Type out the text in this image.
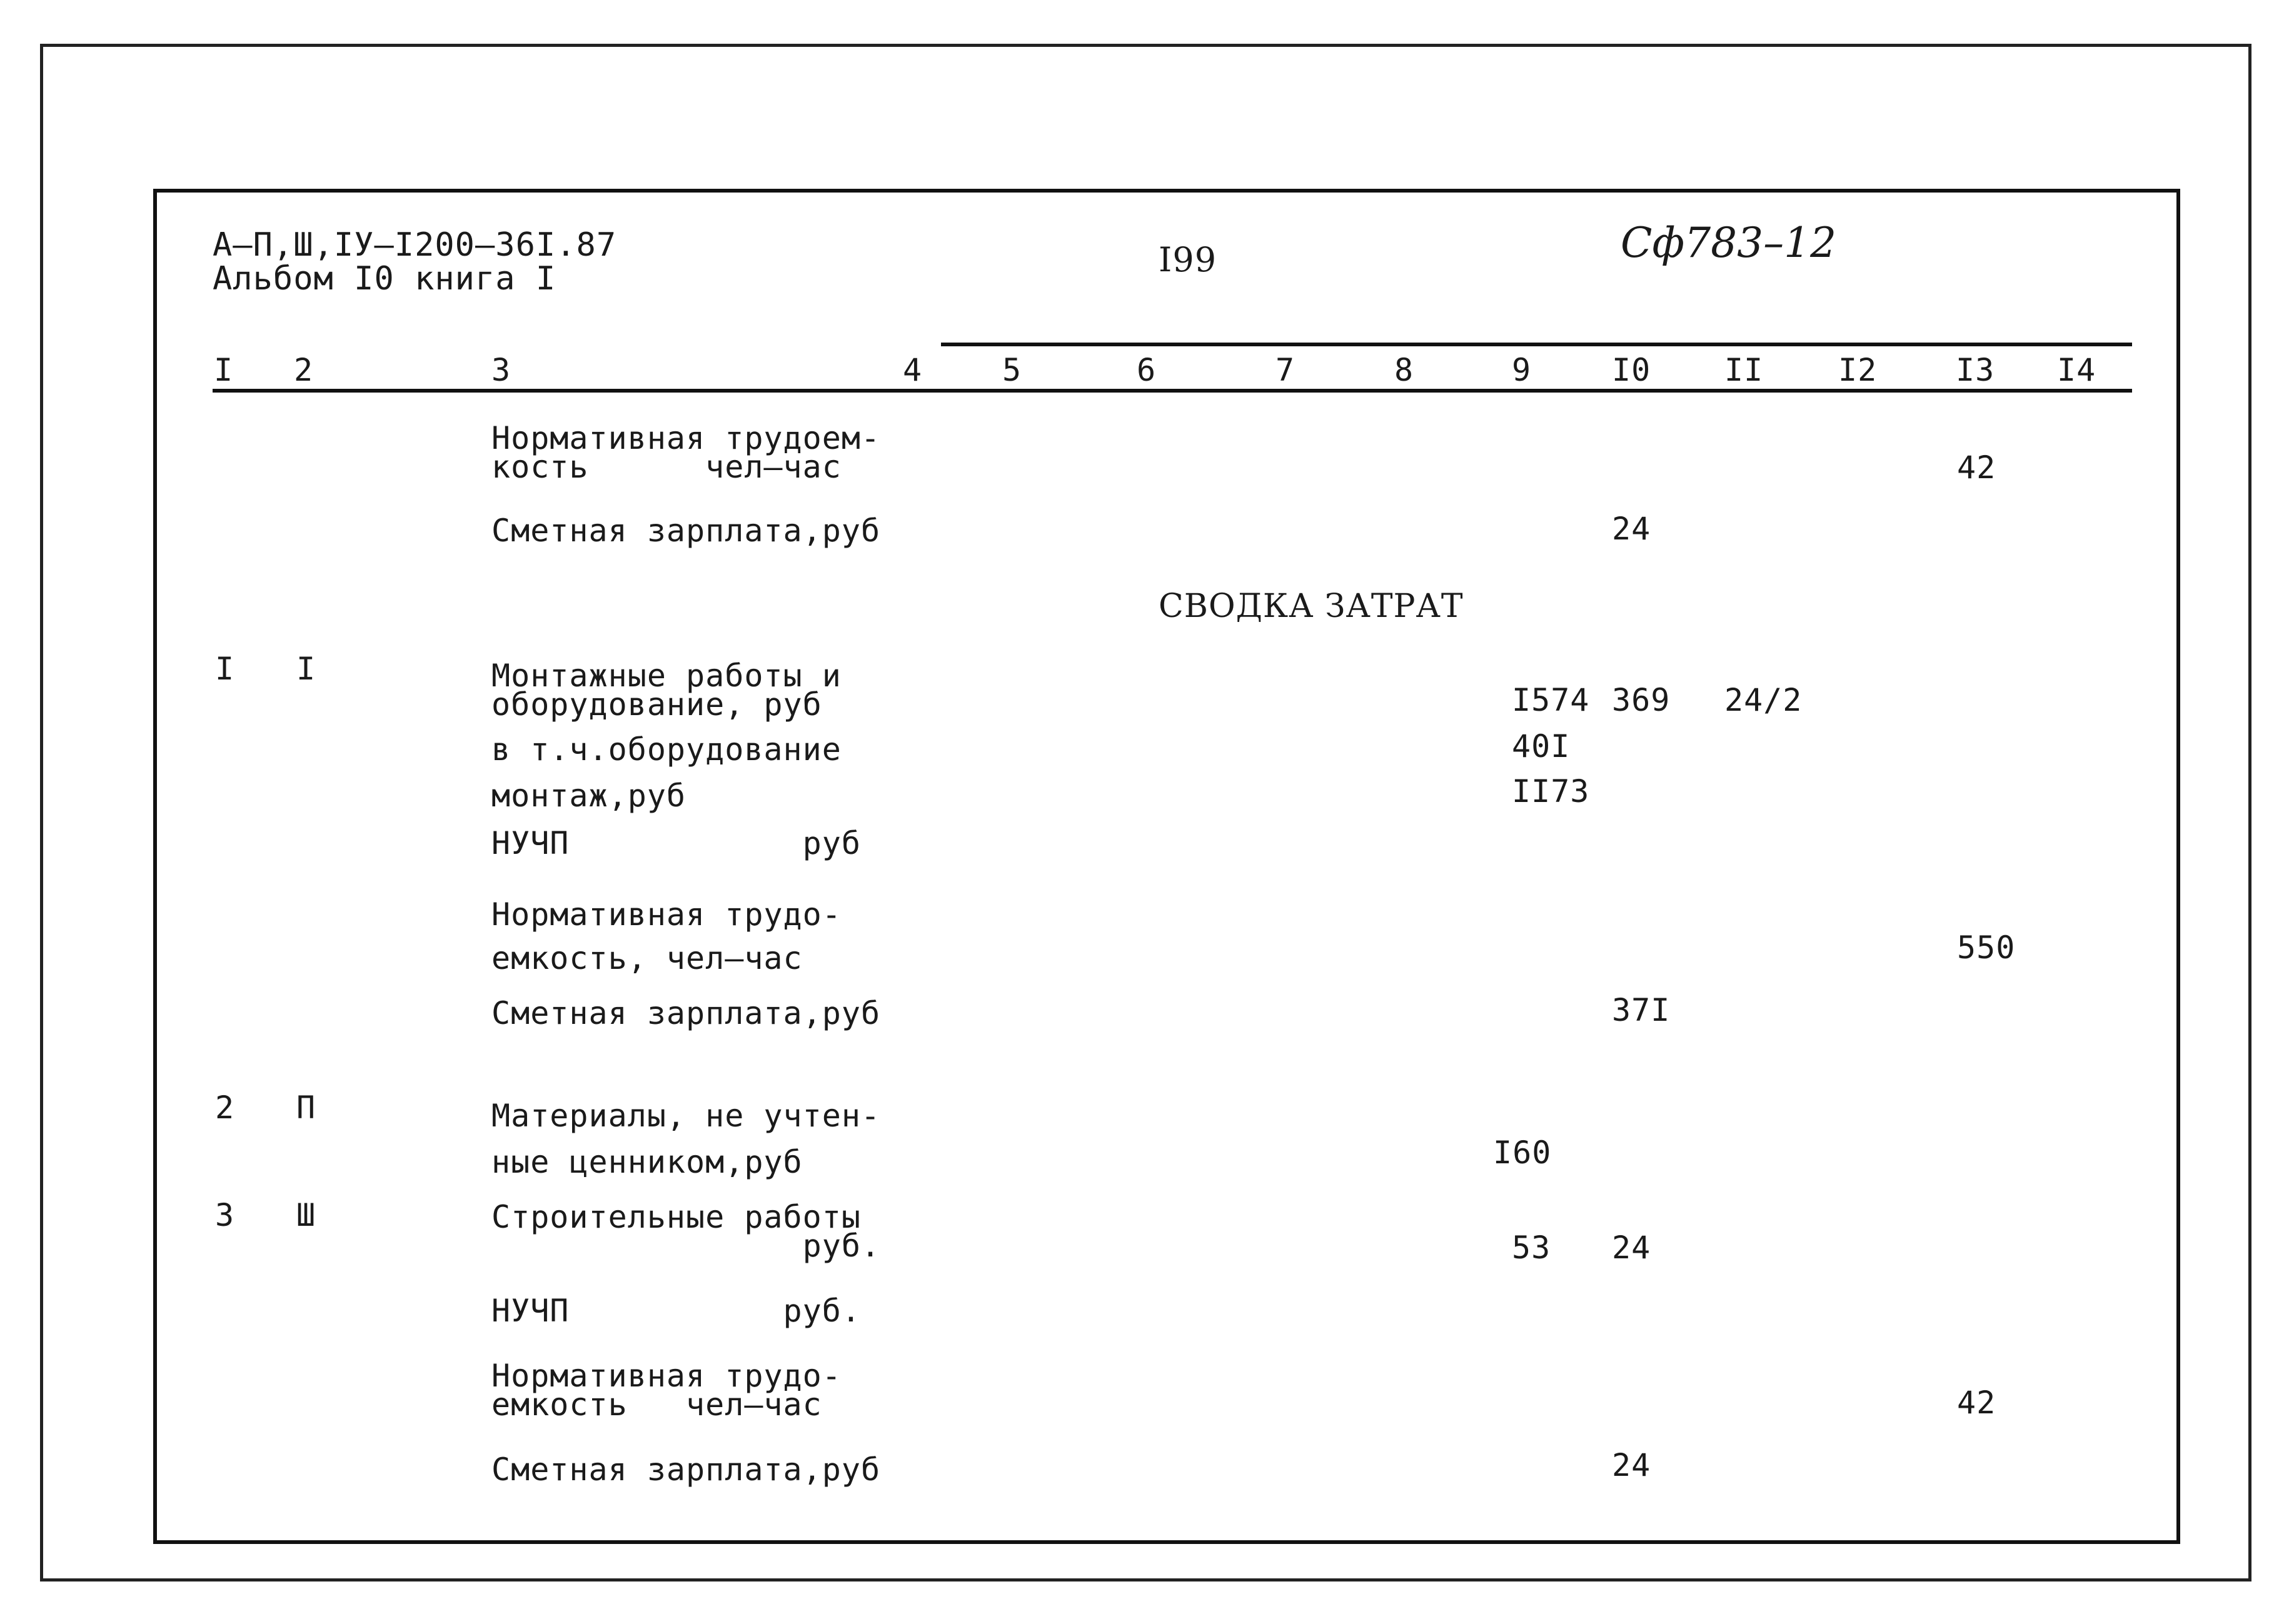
А–П,Ш,IУ–I200–36I.87
Альбом I0 книга I	I99	Сф783–12
I 2	3	4	5	6	7	8	9	I0 II I2	I3 I4
Нормативная трудоем-
кость      чел–час	42
Сметная зарплата,руб	24
СВОДКА ЗАТРАТ
I I	Монтажные работы и
оборудование, руб	I574 369 24/2
в т.ч.оборудование	40I
монтаж,руб	II73
НУЧП            руб
Нормативная трудо-
емкость, чел–час	550
Сметная зарплата,руб	37I
2 П	Материалы, не учтен-
ные ценником,руб	I60
3 Ш	Строительные работы
руб.	53 24
НУЧП           руб.
Нормативная трудо-
емкость   чел–час	42
Сметная зарплата,руб	24
